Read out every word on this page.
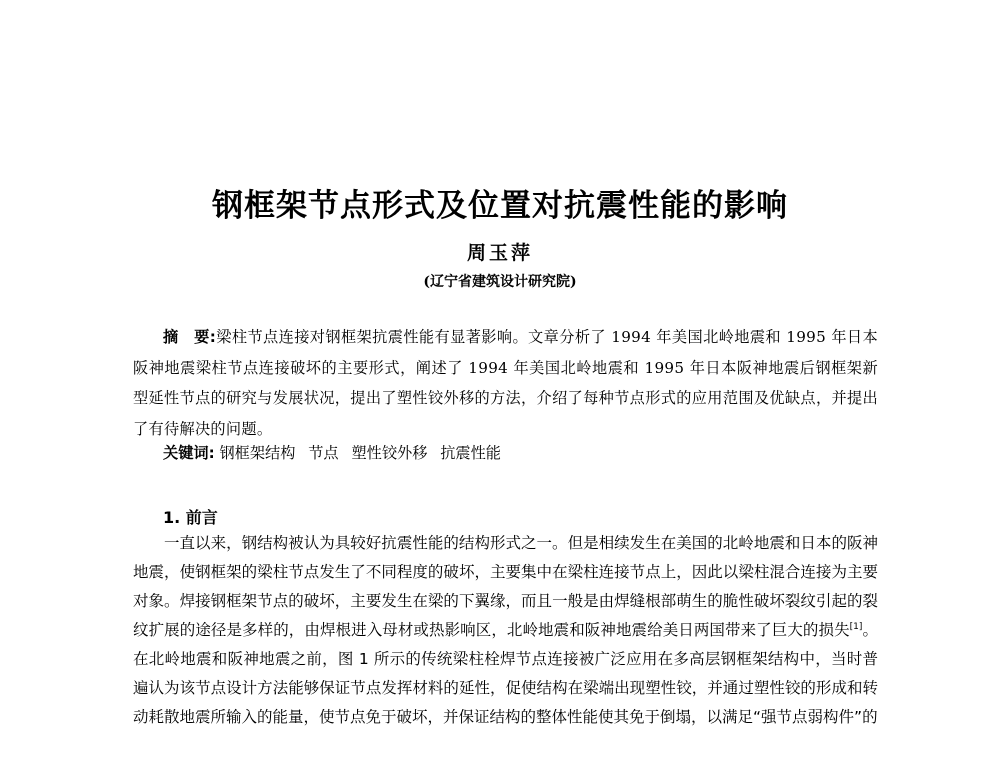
钢框架节点形式及位置对抗震性能的影响
周玉萍
(辽宁省建筑设计研究院)
摘　要:梁柱节点连接对钢框架抗震性能有显著影响。文章分析了 1994 年美国北岭地震和 1995 年日本阪神地震梁柱节点连接破坏的主要形式，阐述了 1994 年美国北岭地震和 1995 年日本阪神地震后钢框架新型延性节点的研究与发展状况，提出了塑性铰外移的方法，介绍了每种节点形式的应用范围及优缺点，并提出了有待解决的问题。
关键词: 钢框架结构 节点 塑性铰外移 抗震性能
1. 前言
一直以来，钢结构被认为具较好抗震性能的结构形式之一。但是相续发生在美国的北岭地震和日本的阪神地震，使钢框架的梁柱节点发生了不同程度的破坏，主要集中在梁柱连接节点上，因此以梁柱混合连接为主要对象。焊接钢框架节点的破坏，主要发生在梁的下翼缘，而且一般是由焊缝根部萌生的脆性破坏裂纹引起的裂纹扩展的途径是多样的，由焊根进入母材或热影响区，北岭地震和阪神地震给美日两国带来了巨大的损失[1]。在北岭地震和阪神地震之前，图 1 所示的传统梁柱栓焊节点连接被广泛应用在多高层钢框架结构中，当时普遍认为该节点设计方法能够保证节点发挥材料的延性，促使结构在梁端出现塑性铰，并通过塑性铰的形成和转动耗散地震所输入的能量，使节点免于破坏，并保证结构的整体性能使其免于倒塌，以满足“强节点弱构件”的
